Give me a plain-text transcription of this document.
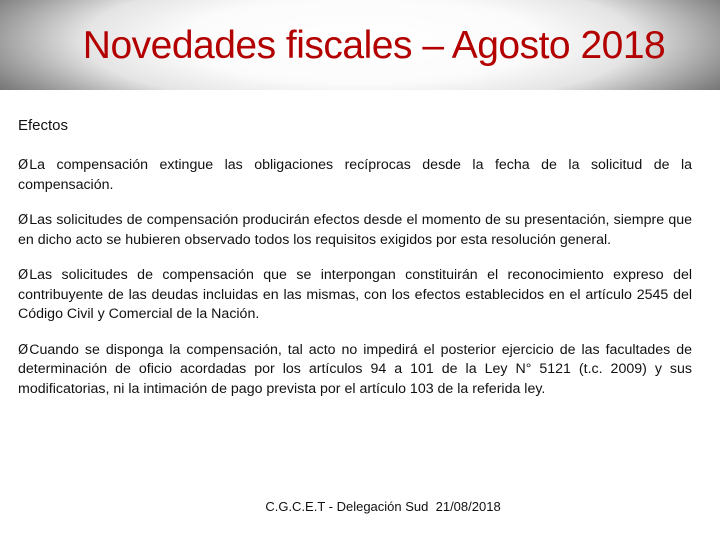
Novedades fiscales – Agosto 2018
Efectos
ØLa compensación extingue las obligaciones recíprocas desde la fecha de la solicitud de la compensación.
ØLas solicitudes de compensación producirán efectos desde el momento de su presentación, siempre que en dicho acto se hubieren observado todos los requisitos exigidos por esta resolución general.
ØLas solicitudes de compensación que se interpongan constituirán el reconocimiento expreso del contribuyente de las deudas incluidas en las mismas, con los efectos establecidos en el artículo 2545 del Código Civil y Comercial de la Nación.
ØCuando se disponga la compensación, tal acto no impedirá el posterior ejercicio de las facultades de determinación de oficio acordadas por los artículos 94 a 101 de la Ley N° 5121 (t.c. 2009) y sus modificatorias, ni la intimación de pago prevista por el artículo 103 de la referida ley.
C.G.C.E.T - Delegación Sud  21/08/2018
